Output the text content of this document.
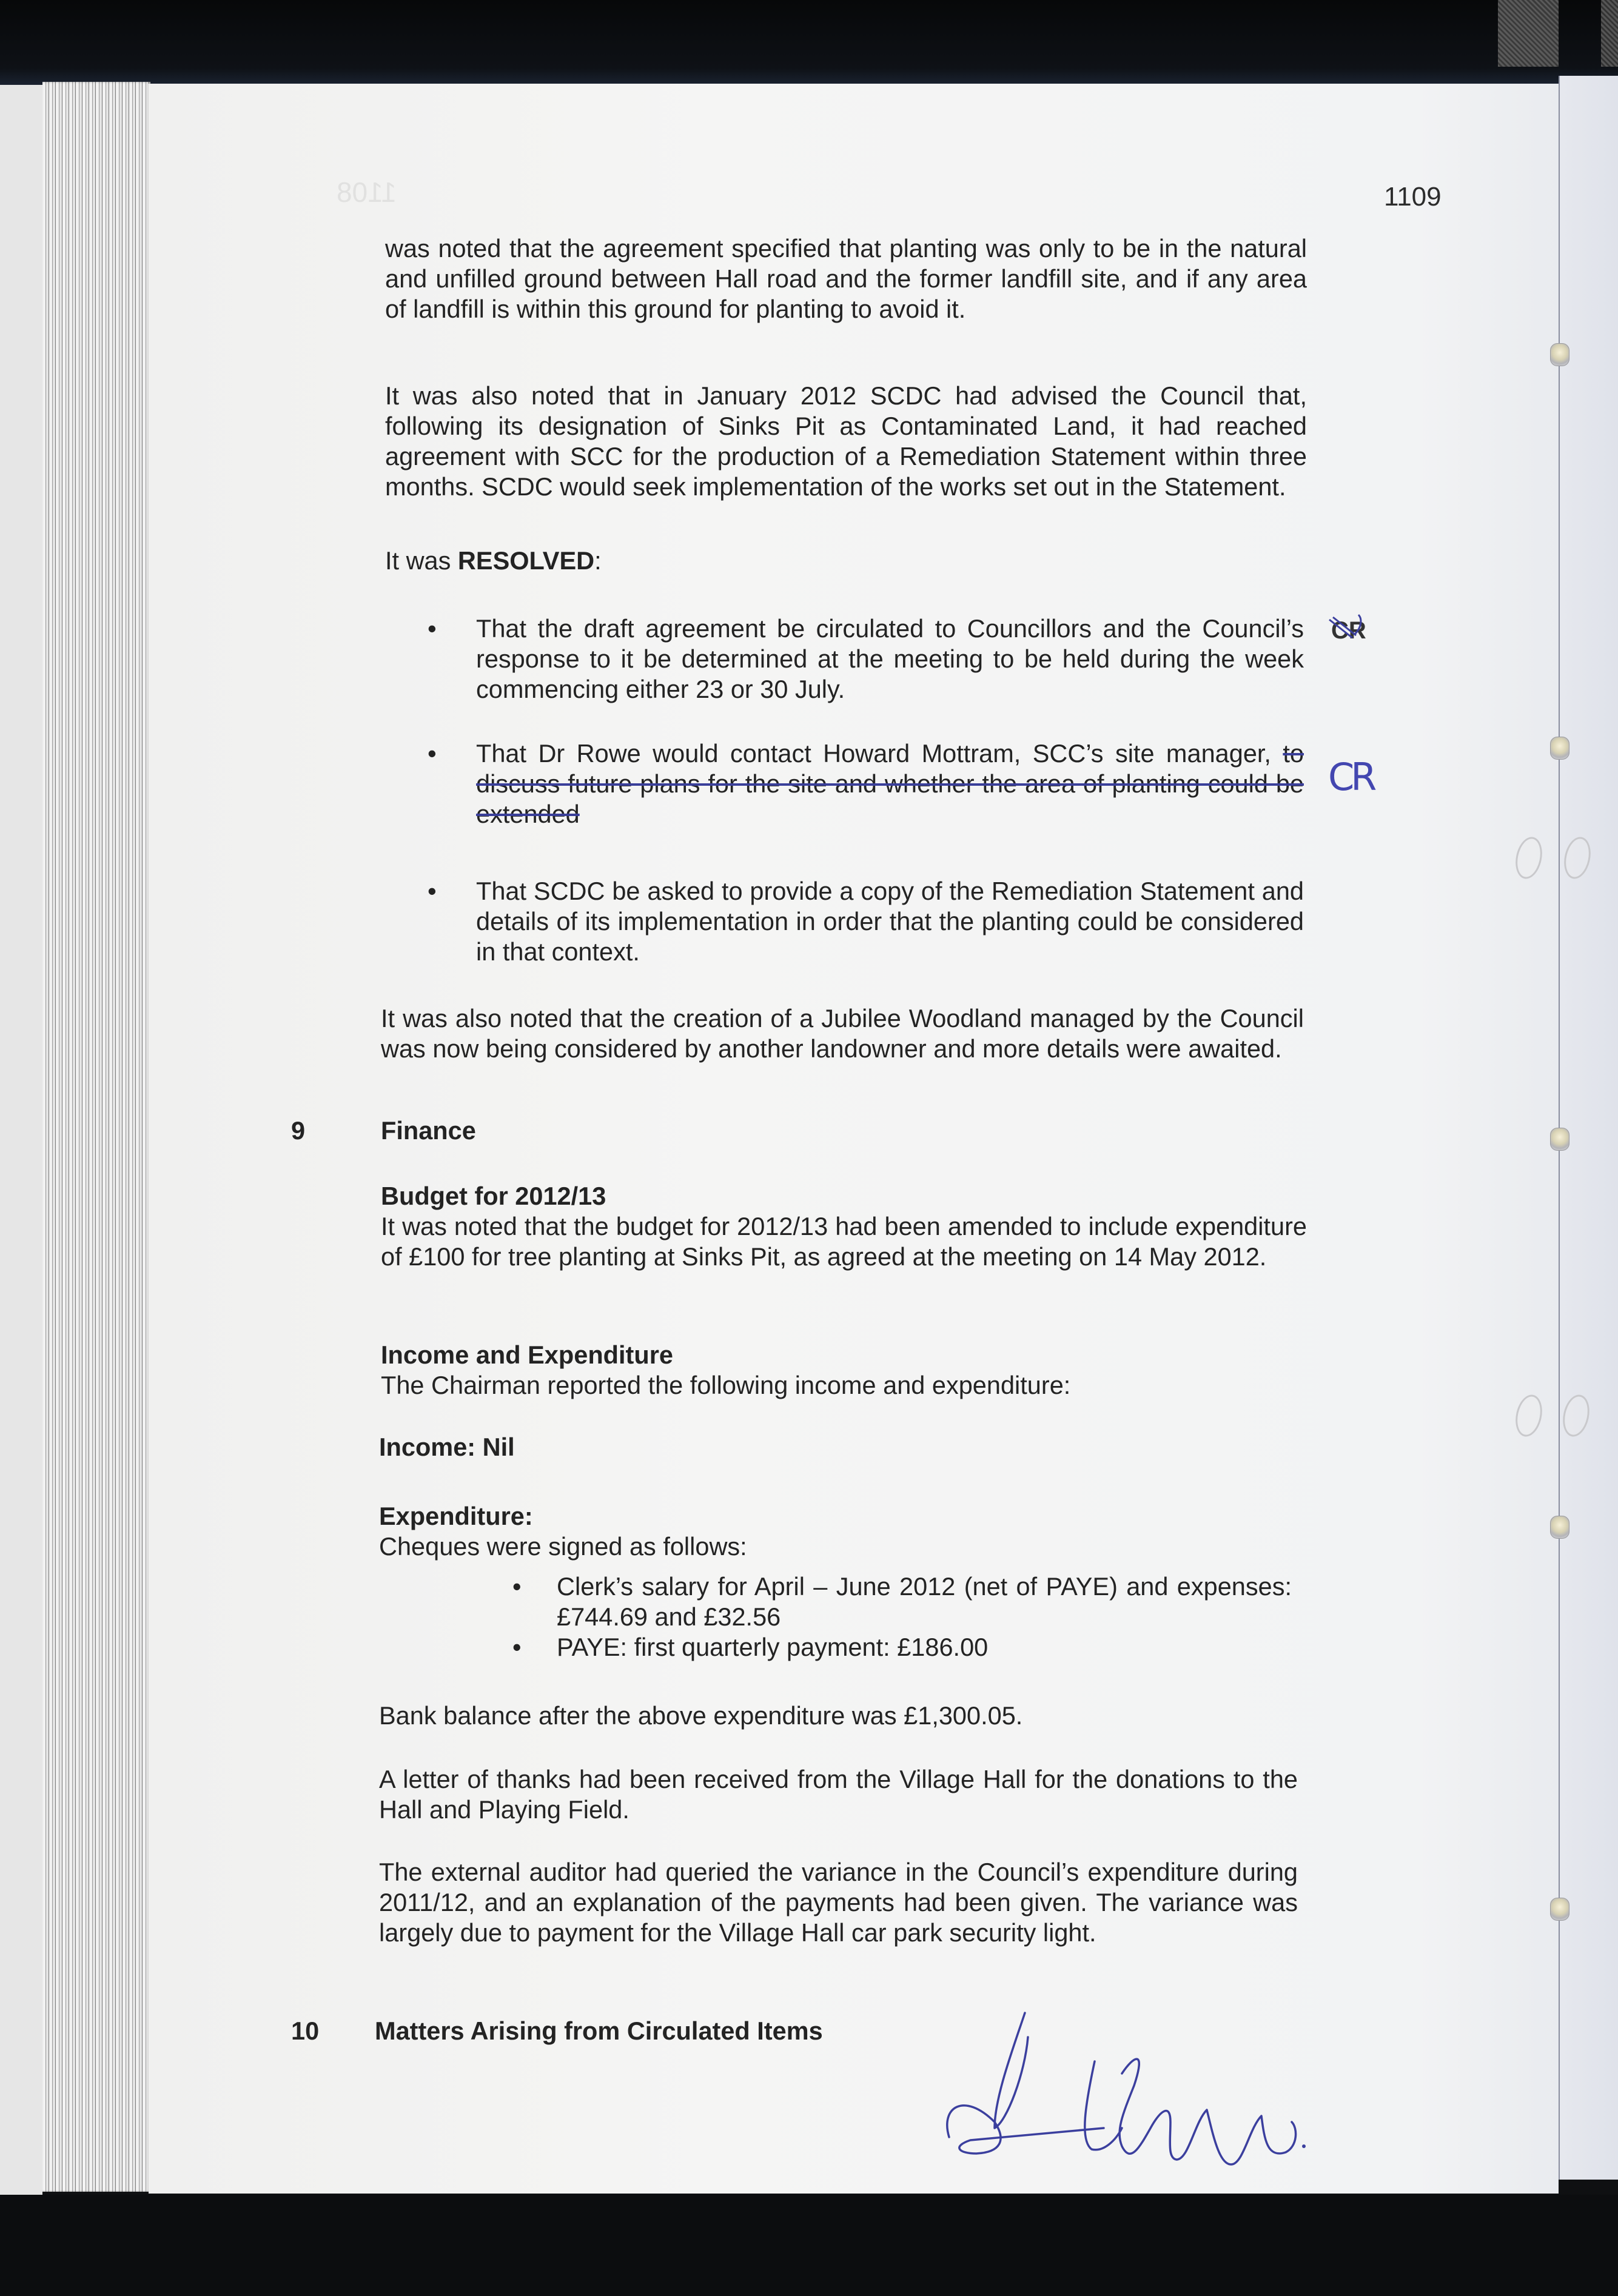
1108	1109
was noted that the agreement specified that planting was only to be in the natural and unfilled ground between Hall road and the former landfill site, and if any area of landfill is within this ground for planting to avoid it.
It was also noted that in January 2012 SCDC had advised the Council that, following its designation of Sinks Pit as Contaminated Land, it had reached agreement with SCC for the production of a Remediation Statement within three months. SCDC would seek implementation of the works set out in the Statement.
It was RESOLVED:
• That the draft agreement be circulated to Councillors and the Council’s response to it be determined at the meeting to be held during the week commencing either 23 or 30 July.
CR
• That Dr Rowe would contact Howard Mottram, SCC’s site manager, to discuss future plans for the site and whether the area of planting could be extended
CR
• That SCDC be asked to provide a copy of the Remediation Statement and details of its implementation in order that the planting could be considered in that context.
It was also noted that the creation of a Jubilee Woodland managed by the Council was now being considered by another landowner and more details were awaited.
9	Finance
Budget for 2012/13
It was noted that the budget for 2012/13 had been amended to include expenditure of £100 for tree planting at Sinks Pit, as agreed at the meeting on 14 May 2012.
Income and Expenditure
The Chairman reported the following income and expenditure:
Income: Nil
Expenditure:
Cheques were signed as follows:
• Clerk’s salary for April – June 2012 (net of PAYE) and expenses: £744.69 and £32.56
• PAYE: first quarterly payment: £186.00
Bank balance after the above expenditure was £1,300.05.
A letter of thanks had been received from the Village Hall for the donations to the Hall and Playing Field.
The external auditor had queried the variance in the Council’s expenditure during 2011/12, and an explanation of the payments had been given. The variance was largely due to payment for the Village Hall car park security light.
10 Matters Arising from Circulated Items
